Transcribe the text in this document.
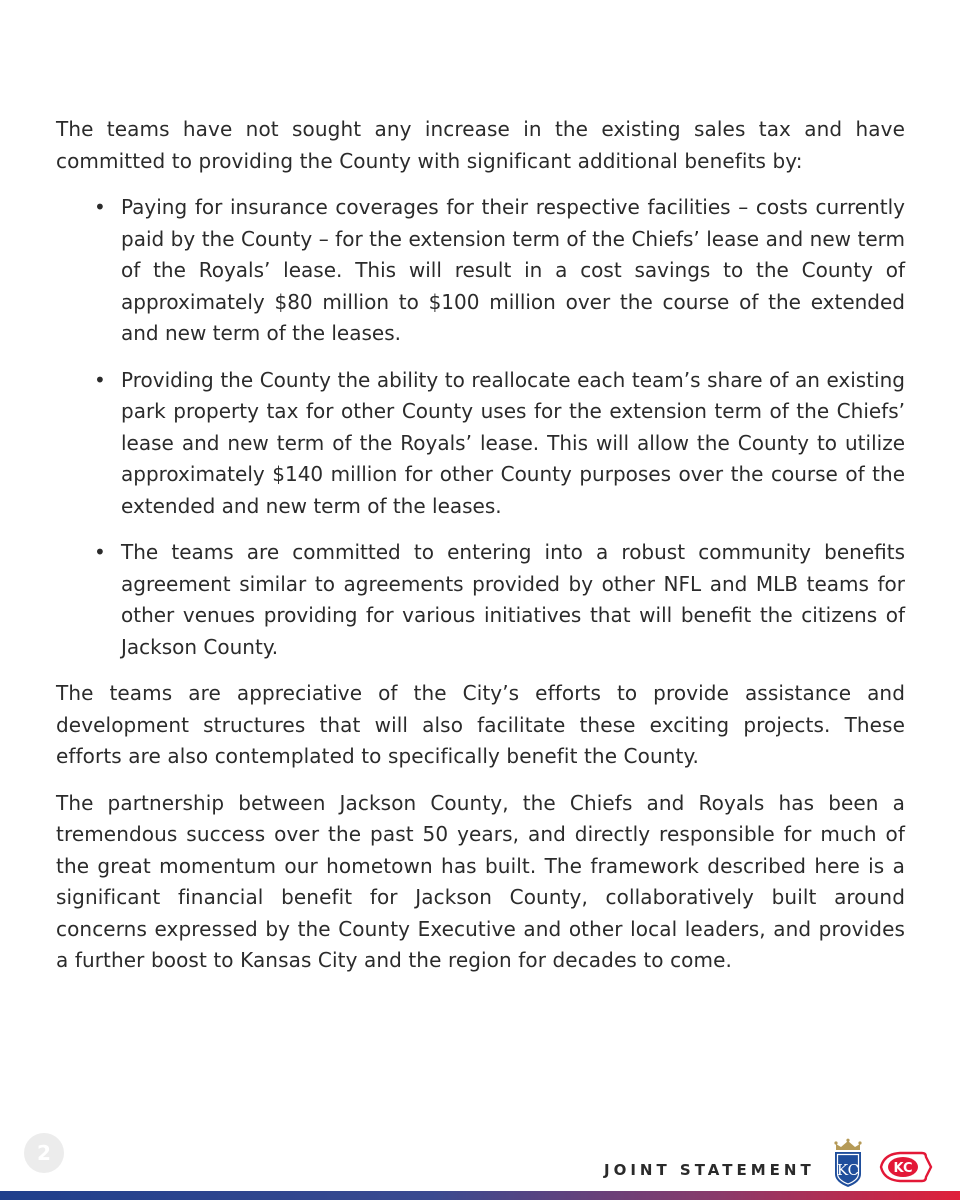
The teams have not sought any increase in the existing sales tax and have committed to providing the County with significant additional benefits by:

• Paying for insurance coverages for their respective facilities – costs currently paid by the County – for the extension term of the Chiefs’ lease and new term of the Royals’ lease. This will result in a cost savings to the County of approximately $80 million to $100 million over the course of the extended and new term of the leases.
• Providing the County the ability to reallocate each team’s share of an existing park property tax for other County uses for the extension term of the Chiefs’ lease and new term of the Royals’ lease. This will allow the County to utilize approximately $140 million for other County purposes over the course of the extended and new term of the leases.
• The teams are committed to entering into a robust community benefits agreement similar to agreements provided by other NFL and MLB teams for other venues providing for various initiatives that will benefit the citizens of Jackson County.

The teams are appreciative of the City’s efforts to provide assistance and development structures that will also facilitate these exciting projects. These efforts are also contemplated to specifically benefit the County.

The partnership between Jackson County, the Chiefs and Royals has been a tremendous success over the past 50 years, and directly responsible for much of the great momentum our hometown has built. The framework described here is a significant financial benefit for Jackson County, collaboratively built around concerns expressed by the County Executive and other local leaders, and provides a further boost to Kansas City and the region for decades to come.

2
JOINT STATEMENT KC	KC
